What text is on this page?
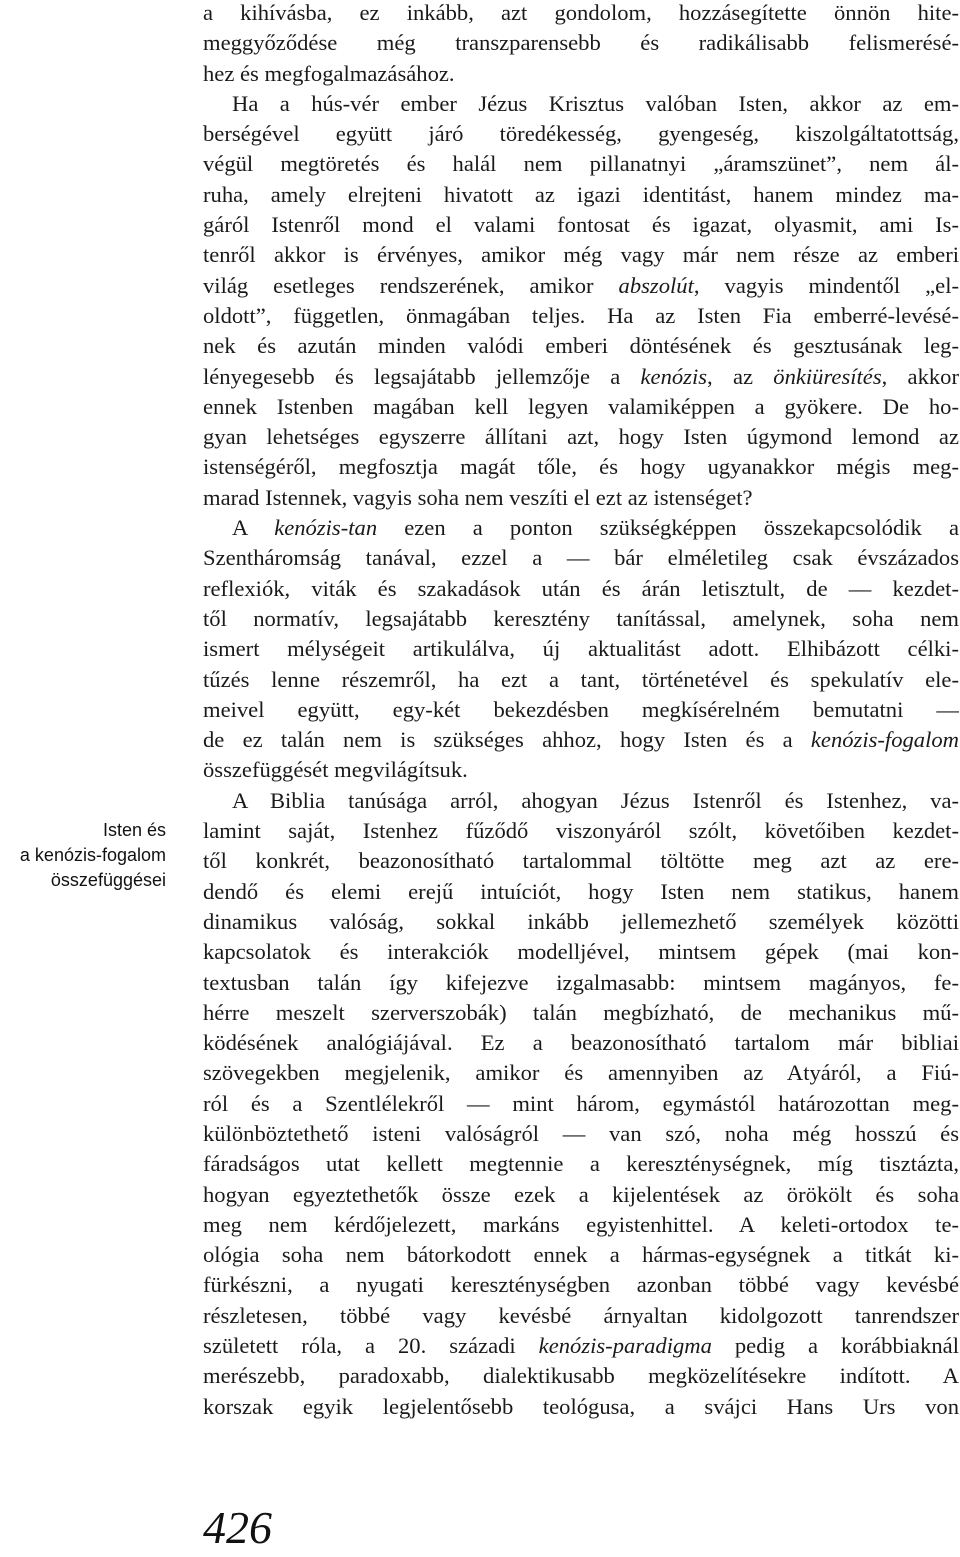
Isten és
a kenózis-fogalom
összefüggései
a kihívásba, ez inkább, azt gondolom, hozzásegítette önnön hite-
meggyőződése még transzparensebb és radikálisabb felismerésé-
hez és megfogalmazásához.
Ha a hús-vér ember Jézus Krisztus valóban Isten, akkor az em-
berségével együtt járó töredékesség, gyengeség, kiszolgáltatottság,
végül megtöretés és halál nem pillanatnyi „áramszünet”, nem ál-
ruha, amely elrejteni hivatott az igazi identitást, hanem mindez ma-
gáról Istenről mond el valami fontosat és igazat, olyasmit, ami Is-
tenről akkor is érvényes, amikor még vagy már nem része az emberi
világ esetleges rendszerének, amikor abszolút, vagyis mindentől „el-
oldott”, független, önmagában teljes. Ha az Isten Fia emberré-levésé-
nek és azután minden valódi emberi döntésének és gesztusának leg-
lényegesebb és legsajátabb jellemzője a kenózis, az önkiüresítés, akkor
ennek Istenben magában kell legyen valamiképpen a gyökere. De ho-
gyan lehetséges egyszerre állítani azt, hogy Isten úgymond lemond az
istenségéről, megfosztja magát tőle, és hogy ugyanakkor mégis meg-
marad Istennek, vagyis soha nem veszíti el ezt az istenséget?
A kenózis-tan ezen a ponton szükségképpen összekapcsolódik a
Szentháromság tanával, ezzel a — bár elméletileg csak évszázados
reflexiók, viták és szakadások után és árán letisztult, de — kezdet-
től normatív, legsajátabb keresztény tanítással, amelynek, soha nem
ismert mélységeit artikulálva, új aktualitást adott. Elhibázott célki-
tűzés lenne részemről, ha ezt a tant, történetével és spekulatív ele-
meivel együtt, egy-két bekezdésben megkísérelném bemutatni —
de ez talán nem is szükséges ahhoz, hogy Isten és a kenózis-fogalom
összefüggését megvilágítsuk.
A Biblia tanúsága arról, ahogyan Jézus Istenről és Istenhez, va-
lamint saját, Istenhez fűződő viszonyáról szólt, követőiben kezdet-
től konkrét, beazonosítható tartalommal töltötte meg azt az ere-
dendő és elemi erejű intuíciót, hogy Isten nem statikus, hanem
dinamikus valóság, sokkal inkább jellemezhető személyek közötti
kapcsolatok és interakciók modelljével, mintsem gépek (mai kon-
textusban talán így kifejezve izgalmasabb: mintsem magányos, fe-
hérre meszelt szerverszobák) talán megbízható, de mechanikus mű-
ködésének analógiájával. Ez a beazonosítható tartalom már bibliai
szövegekben megjelenik, amikor és amennyiben az Atyáról, a Fiú-
ról és a Szentlélekről — mint három, egymástól határozottan meg-
különböztethető isteni valóságról — van szó, noha még hosszú és
fáradságos utat kellett megtennie a kereszténységnek, míg tisztázta,
hogyan egyeztethetők össze ezek a kijelentések az örökölt és soha
meg nem kérdőjelezett, markáns egyistenhittel. A keleti-ortodox te-
ológia soha nem bátorkodott ennek a hármas-egységnek a titkát ki-
fürkészni, a nyugati kereszténységben azonban többé vagy kevésbé
részletesen, többé vagy kevésbé árnyaltan kidolgozott tanrendszer
született róla, a 20. századi kenózis-paradigma pedig a korábbiaknál
merészebb, paradoxabb, dialektikusabb megközelítésekre indított. A
korszak egyik legjelentősebb teológusa, a svájci Hans Urs von
426
